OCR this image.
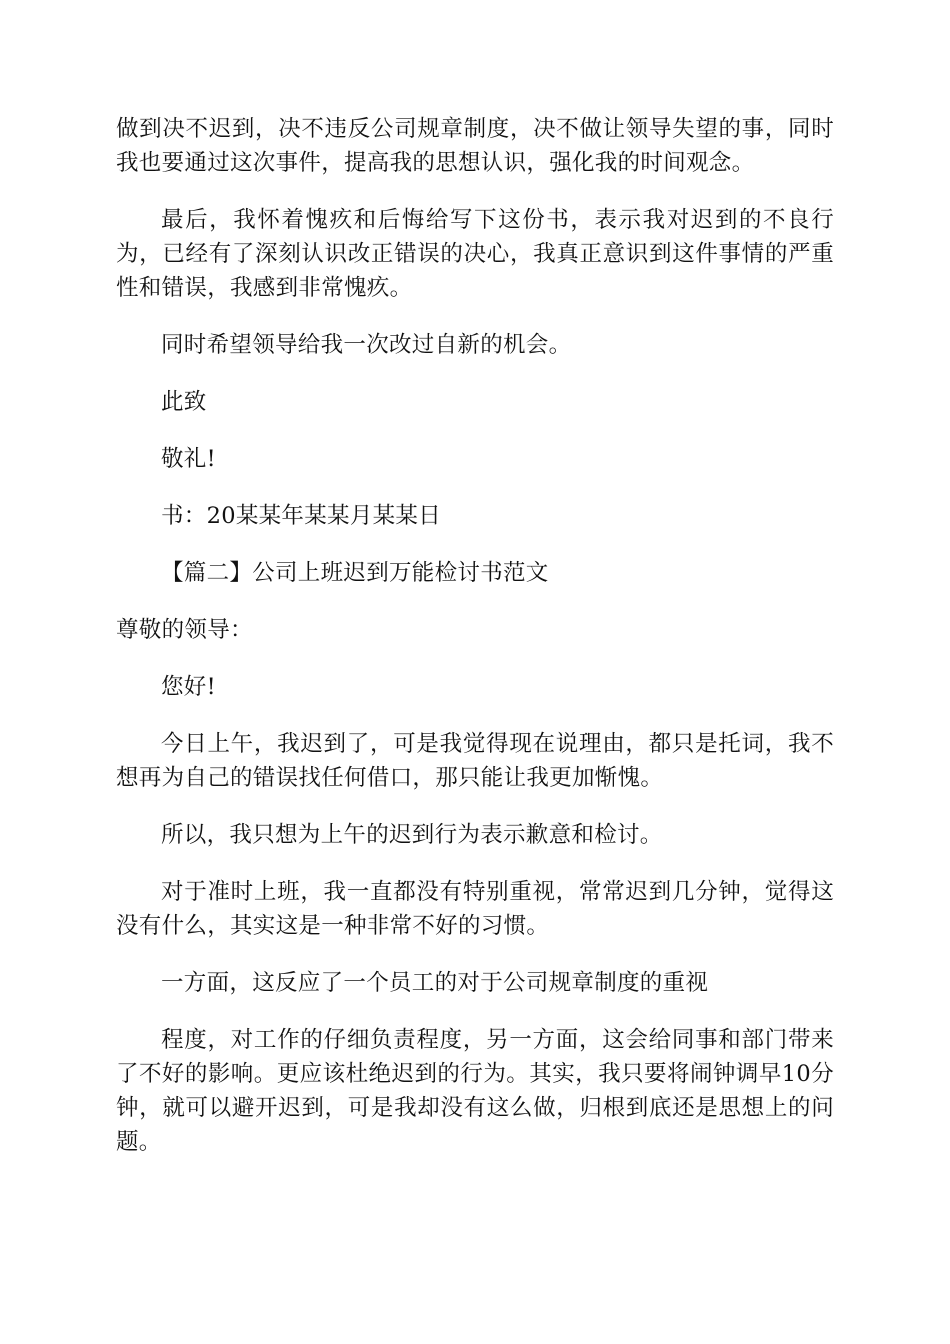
做到决不迟到，决不违反公司规章制度，决不做让领导失望的事，同时我也要通过这次事件，提高我的思想认识，强化我的时间观念。

最后，我怀着愧疚和后悔给写下这份书，表示我对迟到的不良行为，已经有了深刻认识改正错误的决心，我真正意识到这件事情的严重性和错误，我感到非常愧疚。

同时希望领导给我一次改过自新的机会。

此致

敬礼!

书：20某某年某某月某某日

【篇二】公司上班迟到万能检讨书范文

尊敬的领导：

您好!

今日上午，我迟到了，可是我觉得现在说理由，都只是托词，我不想再为自己的错误找任何借口，那只能让我更加惭愧。

所以，我只想为上午的迟到行为表示歉意和检讨。

对于准时上班，我一直都没有特别重视，常常迟到几分钟，觉得这没有什么，其实这是一种非常不好的习惯。

一方面，这反应了一个员工的对于公司规章制度的重视

程度，对工作的仔细负责程度，另一方面，这会给同事和部门带来了不好的影响。更应该杜绝迟到的行为。其实，我只要将闹钟调早10分钟，就可以避开迟到，可是我却没有这么做，归根到底还是思想上的问题。
